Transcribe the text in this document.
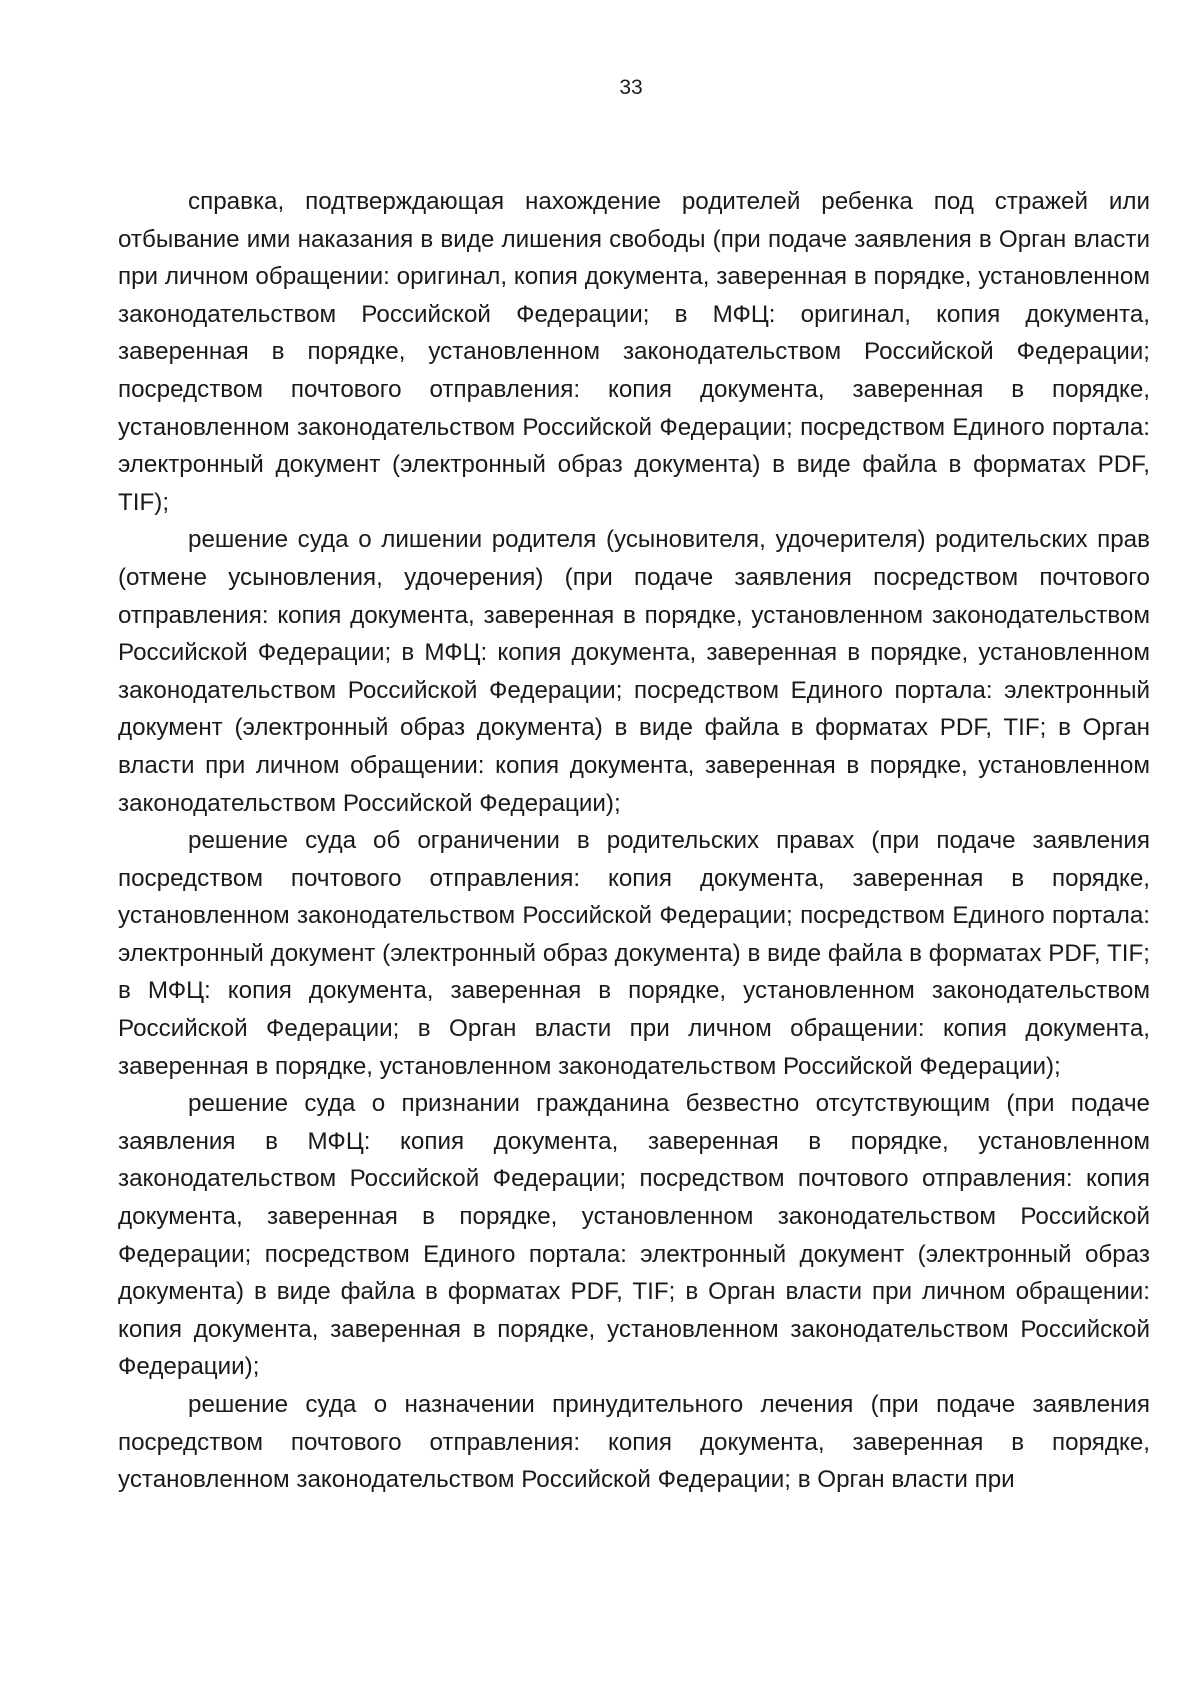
33

справка, подтверждающая нахождение родителей ребенка под стражей или отбывание ими наказания в виде лишения свободы (при подаче заявления в Орган власти при личном обращении: оригинал, копия документа, заверенная в порядке, установленном законодательством Российской Федерации; в МФЦ: оригинал, копия документа, заверенная в порядке, установленном законодательством Российской Федерации; посредством почтового отправления: копия документа, заверенная в порядке, установленном законодательством Российской Федерации; посредством Единого портала: электронный документ (электронный образ документа) в виде файла в форматах PDF, TIF);

решение суда о лишении родителя (усыновителя, удочерителя) родительских прав (отмене усыновления, удочерения) (при подаче заявления посредством почтового отправления: копия документа, заверенная в порядке, установленном законодательством Российской Федерации; в МФЦ: копия документа, заверенная в порядке, установленном законодательством Российской Федерации; посредством Единого портала: электронный документ (электронный образ документа) в виде файла в форматах PDF, TIF; в Орган власти при личном обращении: копия документа, заверенная в порядке, установленном законодательством Российской Федерации);

решение суда об ограничении в родительских правах (при подаче заявления посредством почтового отправления: копия документа, заверенная в порядке, установленном законодательством Российской Федерации; посредством Единого портала: электронный документ (электронный образ документа) в виде файла в форматах PDF, TIF; в МФЦ: копия документа, заверенная в порядке, установленном законодательством Российской Федерации; в Орган власти при личном обращении: копия документа, заверенная в порядке, установленном законодательством Российской Федерации);

решение суда о признании гражданина безвестно отсутствующим (при подаче заявления в МФЦ: копия документа, заверенная в порядке, установленном законодательством Российской Федерации; посредством почтового отправления: копия документа, заверенная в порядке, установленном законодательством Российской Федерации; посредством Единого портала: электронный документ (электронный образ документа) в виде файла в форматах PDF, TIF; в Орган власти при личном обращении: копия документа, заверенная в порядке, установленном законодательством Российской Федерации);

решение суда о назначении принудительного лечения (при подаче заявления посредством почтового отправления: копия документа, заверенная в порядке, установленном законодательством Российской Федерации; в Орган власти при
